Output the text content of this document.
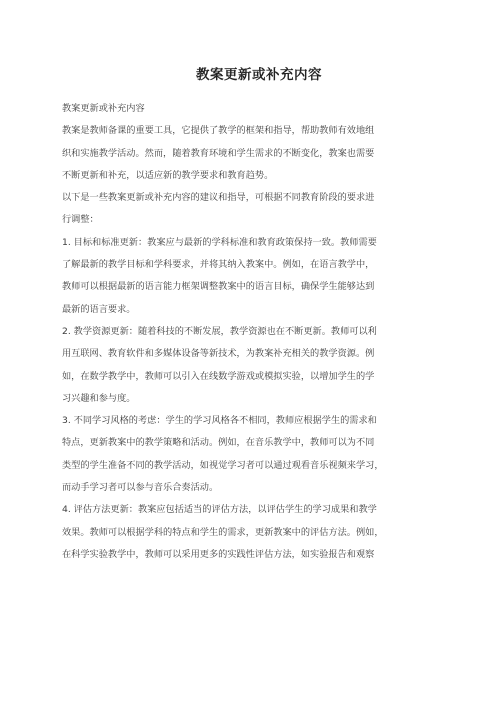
教案更新或补充内容

教案更新或补充内容

教案是教师备课的重要工具，它提供了教学的框架和指导，帮助教师有效地组

织和实施教学活动。然而，随着教育环境和学生需求的不断变化，教案也需要

不断更新和补充，以适应新的教学要求和教育趋势。

以下是一些教案更新或补充内容的建议和指导，可根据不同教育阶段的要求进

行调整：

1. 目标和标准更新：教案应与最新的学科标准和教育政策保持一致。教师需要

了解最新的教学目标和学科要求，并将其纳入教案中。例如，在语言教学中，

教师可以根据最新的语言能力框架调整教案中的语言目标，确保学生能够达到

最新的语言要求。

2. 教学资源更新：随着科技的不断发展，教学资源也在不断更新。教师可以利

用互联网、教育软件和多媒体设备等新技术，为教案补充相关的教学资源。例

如，在数学教学中，教师可以引入在线数学游戏或模拟实验，以增加学生的学

习兴趣和参与度。

3. 不同学习风格的考虑：学生的学习风格各不相同，教师应根据学生的需求和

特点，更新教案中的教学策略和活动。例如，在音乐教学中，教师可以为不同

类型的学生准备不同的教学活动，如视觉学习者可以通过观看音乐视频来学习，

而动手学习者可以参与音乐合奏活动。

4. 评估方法更新：教案应包括适当的评估方法，以评估学生的学习成果和教学

效果。教师可以根据学科的特点和学生的需求，更新教案中的评估方法。例如，

在科学实验教学中，教师可以采用更多的实践性评估方法，如实验报告和观察
